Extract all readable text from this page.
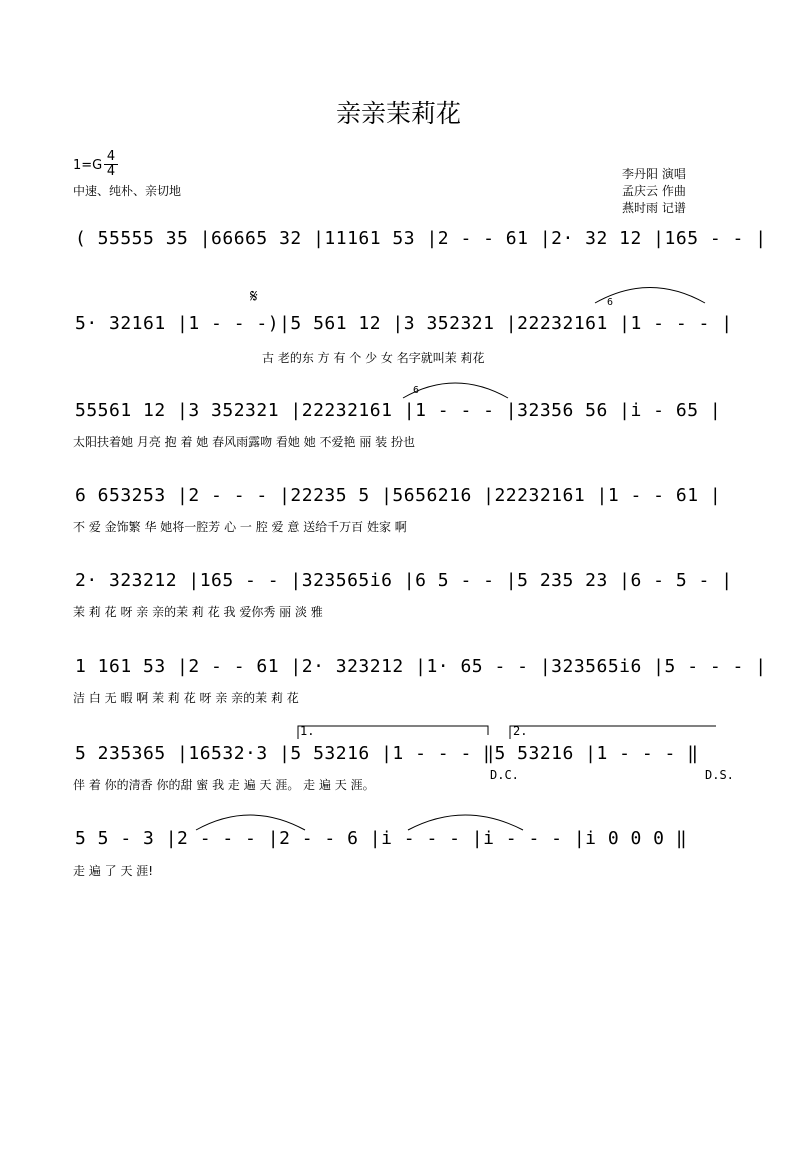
亲亲茉莉花
$1=G \frac{4}{4}$
中速、纯朴、亲切地
李丹阳 演唱
孟庆云 作曲
燕时雨 记谱
( 55555 35 |66665 32 |11161 53 |2 - - 61 |2· 32 12 |165 - - |
5· 32161 |1 - - -)|5 561 12 |3 352321 |22232161 |1 - - - |
古 老的东 方 有 个 少 女 名字就叫茉 莉花
55561 12 |3 352321 |22232161 |1 - - - |32356 56 |i - 65 |
太阳扶着她 月亮 抱 着 她 春风雨露吻 看她 她 不爱艳 丽 装 扮也
6 653253 |2 - - - |22235 5 |5656216 |22232161 |1 - - 61 |
不 爱 金饰繁 华 她将一腔芳 心 一 腔 爱 意 送给千万百 姓家 啊
2· 323212 |165 - - |323565i6 |6 5 - - |5 235 23 |6 - 5 - |
茉 莉 花 呀 亲 亲的茉 莉 花 我 爱你秀 丽 淡 雅
1 161 53 |2 - - 61 |2· 323212 |1· 65 - - |323565i6 |5 - - - |
洁 白 无 暇 啊 茉 莉 花 呀 亲 亲的茉 莉 花
1.	2.
5 235365 |16532·3 |5 53216 |1 - - - ‖5 53216 |1 - - - ‖
伴 着 你的清香 你的甜 蜜 我 走 遍 天 涯。 走 遍 天 涯。
D.C.	D.S.
5 5 - 3 |2 - - - |2 - - 6 |i - - - |i - - - |i 0 0 0 ‖
走 遍 了 天 涯!
𝄋	6
6
